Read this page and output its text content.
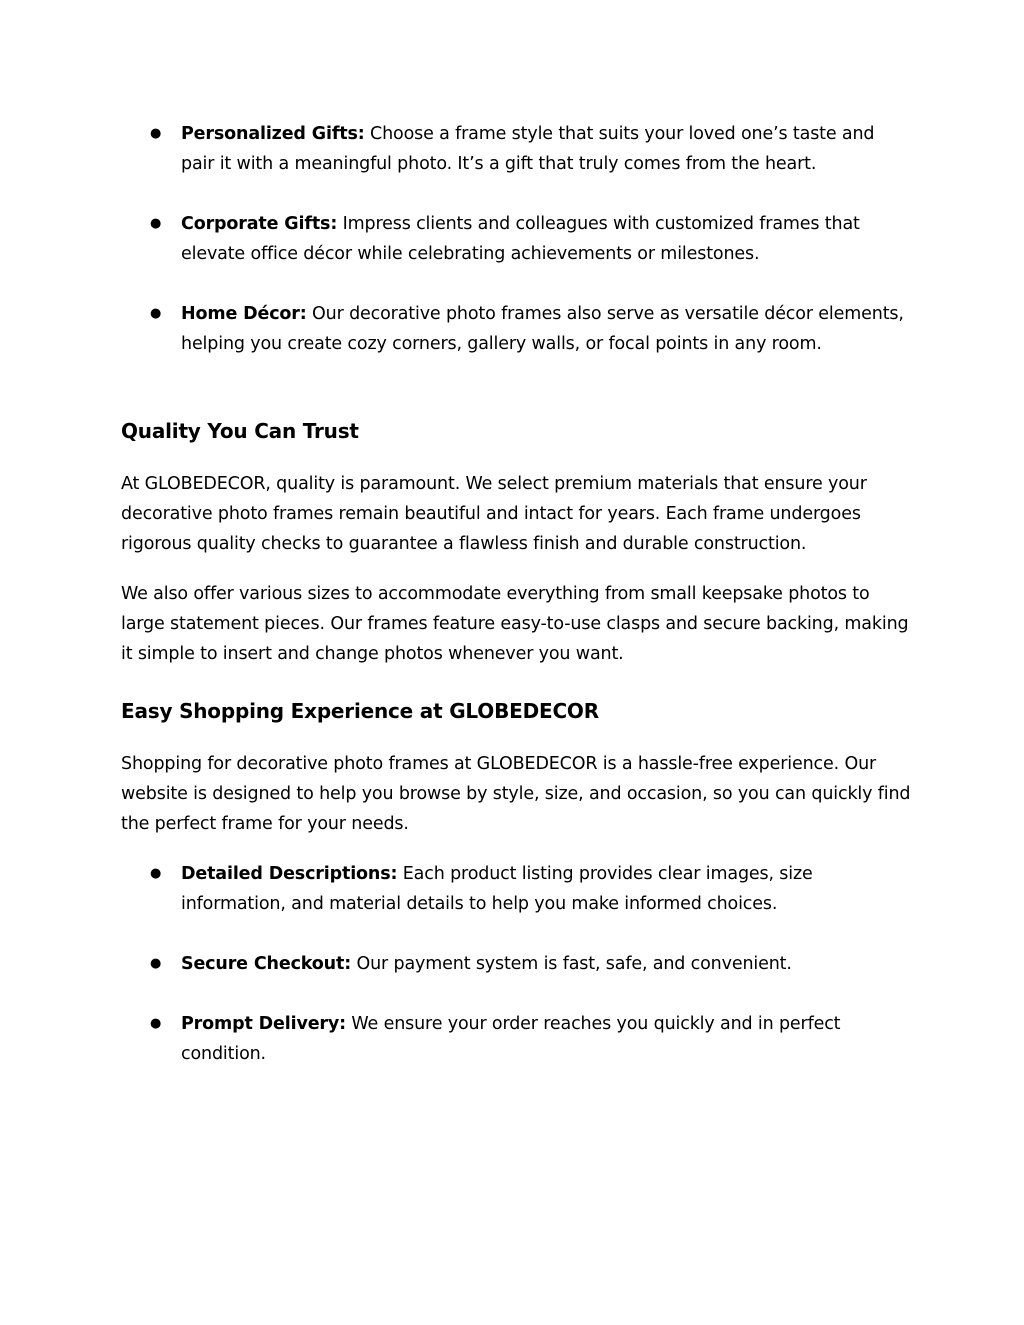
● Personalized Gifts: Choose a frame style that suits your loved one’s taste and pair it with a meaningful photo. It’s a gift that truly comes from the heart.
● Corporate Gifts: Impress clients and colleagues with customized frames that elevate office décor while celebrating achievements or milestones.
● Home Décor: Our decorative photo frames also serve as versatile décor elements, helping you create cozy corners, gallery walls, or focal points in any room.
Quality You Can Trust

At GLOBEDECOR, quality is paramount. We select premium materials that ensure your decorative photo frames remain beautiful and intact for years. Each frame undergoes rigorous quality checks to guarantee a flawless finish and durable construction.

We also offer various sizes to accommodate everything from small keepsake photos to large statement pieces. Our frames feature easy-to-use clasps and secure backing, making it simple to insert and change photos whenever you want.

Easy Shopping Experience at GLOBEDECOR

Shopping for decorative photo frames at GLOBEDECOR is a hassle-free experience. Our website is designed to help you browse by style, size, and occasion, so you can quickly find the perfect frame for your needs.

● Detailed Descriptions: Each product listing provides clear images, size information, and material details to help you make informed choices.
● Secure Checkout: Our payment system is fast, safe, and convenient.
● Prompt Delivery: We ensure your order reaches you quickly and in perfect condition.
